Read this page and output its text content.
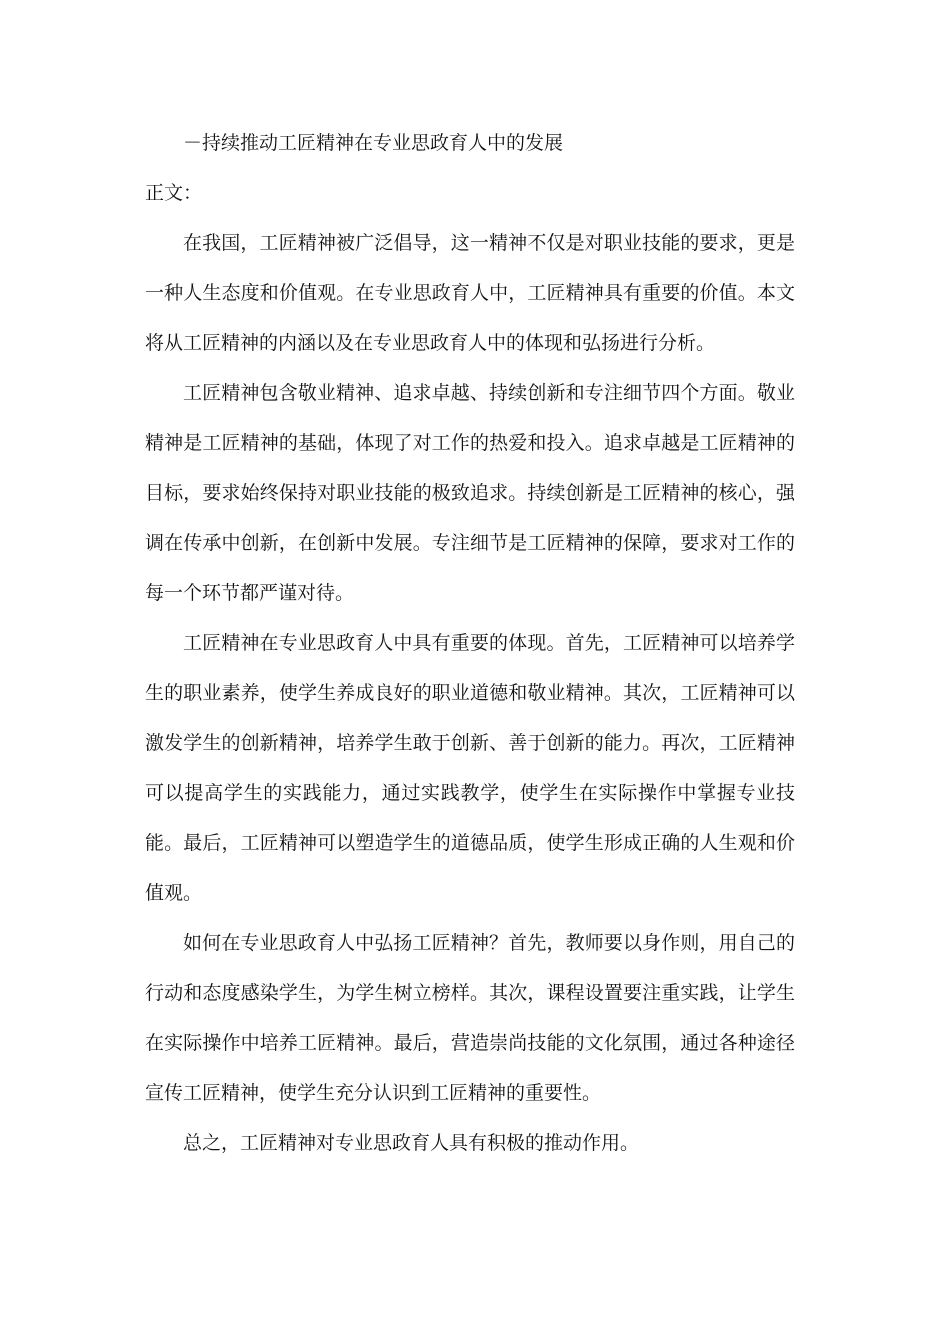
－持续推动工匠精神在专业思政育人中的发展

正文：

在我国，工匠精神被广泛倡导，这一精神不仅是对职业技能的要求，更是一种人生态度和价值观。在专业思政育人中，工匠精神具有重要的价值。本文将从工匠精神的内涵以及在专业思政育人中的体现和弘扬进行分析。

工匠精神包含敬业精神、追求卓越、持续创新和专注细节四个方面。敬业精神是工匠精神的基础，体现了对工作的热爱和投入。追求卓越是工匠精神的目标，要求始终保持对职业技能的极致追求。持续创新是工匠精神的核心，强调在传承中创新，在创新中发展。专注细节是工匠精神的保障，要求对工作的每一个环节都严谨对待。

工匠精神在专业思政育人中具有重要的体现。首先，工匠精神可以培养学生的职业素养，使学生养成良好的职业道德和敬业精神。其次，工匠精神可以激发学生的创新精神，培养学生敢于创新、善于创新的能力。再次，工匠精神可以提高学生的实践能力，通过实践教学，使学生在实际操作中掌握专业技能。最后，工匠精神可以塑造学生的道德品质，使学生形成正确的人生观和价值观。

如何在专业思政育人中弘扬工匠精神？首先，教师要以身作则，用自己的行动和态度感染学生，为学生树立榜样。其次，课程设置要注重实践，让学生在实际操作中培养工匠精神。最后，营造崇尚技能的文化氛围，通过各种途径宣传工匠精神，使学生充分认识到工匠精神的重要性。

总之，工匠精神对专业思政育人具有积极的推动作用。
